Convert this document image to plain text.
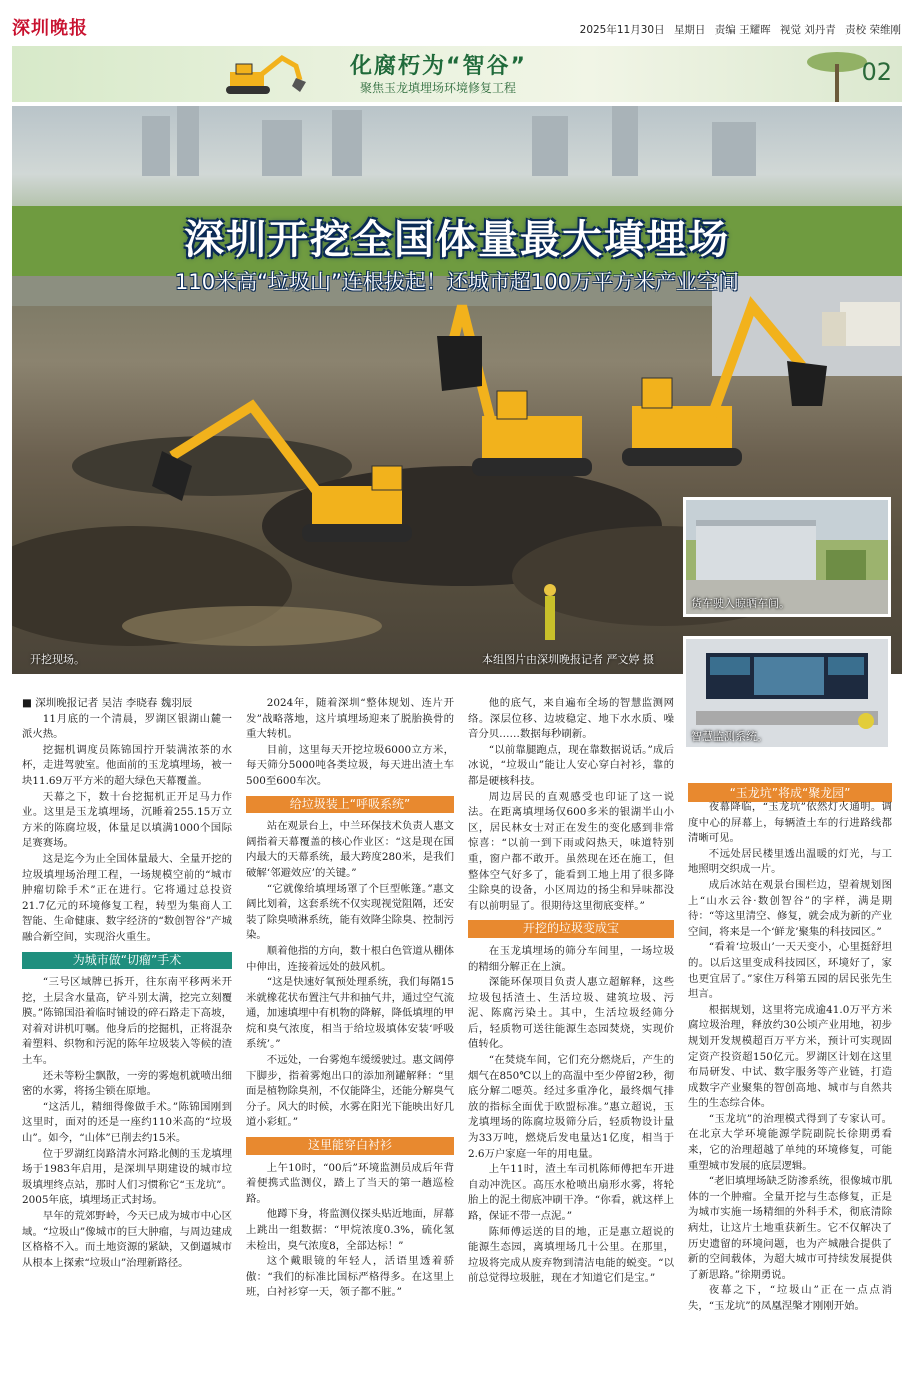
深圳晚报	2025年11月30日 星期日 责编 王耀晖 视觉 刘丹青 责校 荣维刚
化腐朽为“智谷”
聚焦玉龙填埋场环境修复工程
02
深圳开挖全国体量最大填埋场
110米高“垃圾山”连根拔起！还城市超100万平方米产业空间
开挖现场。	本组图片由深圳晚报记者 严文婷 摄
货车驶入晾晒车间。
智慧监测系统。

■ 深圳晚报记者 吴洁 李晓春 魏羽辰

11月底的一个清晨，罗湖区银湖山麓一派火热。

挖掘机调度员陈锦国拧开装满浓茶的水杯，走进驾驶室。他面前的玉龙填埋场，被一块11.69万平方米的超大绿色天幕覆盖。

天幕之下，数十台挖掘机正开足马力作业。这里是玉龙填埋场，沉睡着255.15万立方米的陈腐垃圾，体量足以填满1000个国际足赛赛场。

这是迄今为止全国体量最大、全量开挖的垃圾填埋场治理工程，一场规模空前的“城市肿瘤切除手术”正在进行。它将通过总投资21.7亿元的环境修复工程，转型为集商人工智能、生命健康、数字经济的“数创智谷”产城融合新空间，实现浴火重生。

为城市做“切瘤”手术

“三号区域牌已拆开，往东南平移两米开挖，土层含水量高，铲斗别太满，挖完立刻覆膜。”陈锦国沿着临时铺设的碎石路走下高坡，对着对讲机叮嘱。他身后的挖掘机，正将混杂着塑料、织物和污泥的陈年垃圾装入等候的渣土车。

还未等粉尘飘散，一旁的雾炮机就喷出细密的水雾，将扬尘锁在原地。

“这活儿，精细得像做手术。”陈锦国刚到这里时，面对的还是一座约110米高的“垃圾山”。如今，“山体”已削去约15米。

位于罗湖红岗路清水河路北侧的玉龙填埋场于1983年启用，是深圳早期建设的城市垃圾填埋终点站，那时人们习惯称它“玉龙坑”。2005年底，填埋场正式封场。

早年的荒郊野岭，今天已成为城市中心区域。“垃圾山”像城市的巨大肿瘤，与周边建成区格格不入。而土地资源的紧缺，又倒逼城市从根本上探索“垃圾山”治理新路径。

2024年，随着深圳“整体规划、连片开发”战略落地，这片填埋场迎来了脱胎换骨的重大转机。

目前，这里每天开挖垃圾6000立方米，每天筛分5000吨各类垃圾，每天进出渣土车500至600车次。

给垃圾装上“呼吸系统”

站在观景台上，中兰环保技术负责人惠文阔指着天幕覆盖的核心作业区：“这是现在国内最大的天幕系统，最大跨度280米，是我们破解‘邻避效应’的关键。”

“它就像给填埋场罩了个巨型帐篷。”惠文阔比划着，这套系统不仅实现视觉阻隔，还安装了除臭喷淋系统，能有效降尘除臭、控制污染。

顺着他指的方向，数十根白色管道从棚体中伸出，连接着远处的鼓风机。

“这是快速好氧预处理系统，我们每隔15米就橡花状布置注气井和抽气井，通过空气流通，加速填埋中有机物的降解，降低填埋的甲烷和臭气浓度，相当于给垃圾填体安装‘呼吸系统’。”

不远处，一台雾炮车缓缓驶过。惠文阔停下脚步，指着雾炮出口的添加剂罐解释：“里面是植物除臭剂，不仅能降尘，还能分解臭气分子。风大的时候，水雾在阳光下能映出好几道小彩虹。”

这里能穿白衬衫

上午10时，“00后”环境监测员成后年背着便携式监测仪，踏上了当天的第一趟巡检路。

他蹲下身，将监测仪探头贴近地面，屏幕上跳出一组数据：“甲烷浓度0.3%，硫化氢未检出，臭气浓度8，全部达标！”

这个戴眼镜的年轻人，活语里透着骄傲：“我们的标准比国标严格得多。在这里上班，白衬衫穿一天，领子都不脏。”

他的底气，来自遍布全场的智慧监测网络。深层位移、边坡稳定、地下水水质、噪音分贝……数据每秒刷新。

“以前靠腿跑点，现在靠数据说话。”成后冰说，“垃圾山”能让人安心穿白衬衫，靠的都是硬核科技。

周边居民的直观感受也印证了这一说法。在距离填埋场仅600多米的银湖半山小区，居民林女士对正在发生的变化感到非常惊喜：“以前一到下雨或闷热天，味道特别重，窗户都不敢开。虽然现在还在施工，但整体空气好多了，能看到工地上用了很多降尘除臭的设备，小区周边的扬尘和异味都没有以前明显了。很期待这里彻底变样。”

开挖的垃圾变成宝

在玉龙填埋场的筛分车间里，一场垃圾的精细分解正在上演。

深能环保项目负责人惠立超解释，这些垃圾包括渣土、生活垃圾、建筑垃圾、污泥、陈腐污染土。其中，生活垃圾经筛分后，轻质物可送往能源生态园焚烧，实现价值转化。

“在焚烧车间，它们充分燃烧后，产生的烟气在850℃以上的高温中至少停留2秒，彻底分解二噁英。经过多重净化，最终烟气排放的指标全面优于欧盟标准。”惠立超说，玉龙填埋场的陈腐垃圾筛分后，轻质物设计量为33万吨，燃烧后发电量达1亿度，相当于2.6万户家庭一年的用电量。

上午11时，渣土车司机陈师傅把车开进自动冲洗区。高压水枪喷出扇形水雾，将轮胎上的泥土彻底冲刷干净。“你看，就这样上路，保证不带一点泥。”

陈师傅运送的目的地，正是惠立超说的能源生态园，离填埋场几十公里。在那里，垃圾将完成从废弃物到清洁电能的蜕变。“以前总觉得垃圾脏，现在才知道它们是宝。”

“玉龙坑”将成“聚龙园”

夜幕降临，“玉龙坑”依然灯火通明。调度中心的屏幕上，每辆渣土车的行进路线都清晰可见。

不远处居民楼里透出温暖的灯光，与工地照明交织成一片。

成后冰站在观景台围栏边，望着规划图上“山水云谷·数创智谷”的字样，满是期待：“等这里清空、修复，就会成为新的产业空间，将来是一个‘鲜龙’聚集的科技园区。”

“看着‘垃圾山’一天天变小，心里挺舒坦的。以后这里变成科技园区，环境好了，家也更宜居了。”家住万科第五园的居民张先生坦言。

根据规划，这里将完成逾41.0万平方米腐垃圾治理，释放约30公顷产业用地，初步规划开发规模超百万平方米，预计可实现固定资产投资超150亿元。罗湖区计划在这里布局研发、中试、数字服务等产业链，打造成数字产业聚集的智创高地、城市与自然共生的生态综合体。

“玉龙坑”的治理模式得到了专家认可。在北京大学环境能源学院副院长徐期勇看来，它的治理超越了单纯的环境修复，可能重塑城市发展的底层逻辑。

“老旧填埋场缺乏防渗系统，很像城市肌体的一个肿瘤。全量开挖与生态修复，正是为城市实施一场精细的外科手术，彻底清除病灶，让这片土地重获新生。它不仅解决了历史遗留的环境问题，也为产城融合提供了新的空间载体，为超大城市可持续发展提供了新思路。”徐期勇说。

夜幕之下，“垃圾山”正在一点点消失，“玉龙坑”的凤凰涅槃才刚刚开始。
